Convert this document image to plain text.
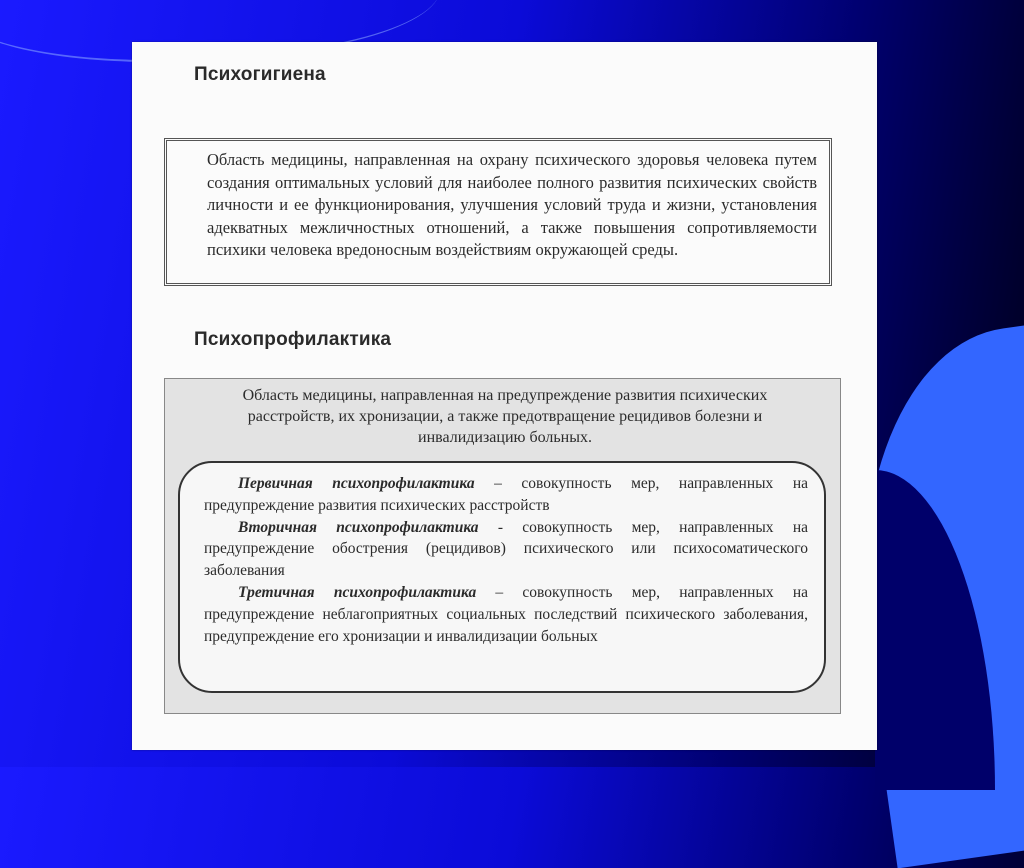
Психогигиена
Область медицины, направленная на охрану психического здоровья человека путем создания оптимальных условий для наиболее полного развития психических свойств личности и ее функционирования, улучшения условий труда и жизни, установления адекватных межличностных отношений, а также повышения сопротивляемости психики человека вредоносным воздействиям окружающей среды.
Психопрофилактика
Область медицины, направленная на предупреждение развития психических расстройств, их хронизации, а также предотвращение рецидивов болезни и инвалидизацию больных.

Первичная психопрофилактика – совокупность мер, направленных на предупреждение развития психических расстройств

Вторичная психопрофилактика - совокупность мер, направленных на предупреждение обострения (рецидивов) психического или психосоматического заболевания

Третичная психопрофилактика – совокупность мер, направленных на предупреждение неблагоприятных социальных последствий психического заболевания, предупреждение его хронизации и инвалидизации больных
